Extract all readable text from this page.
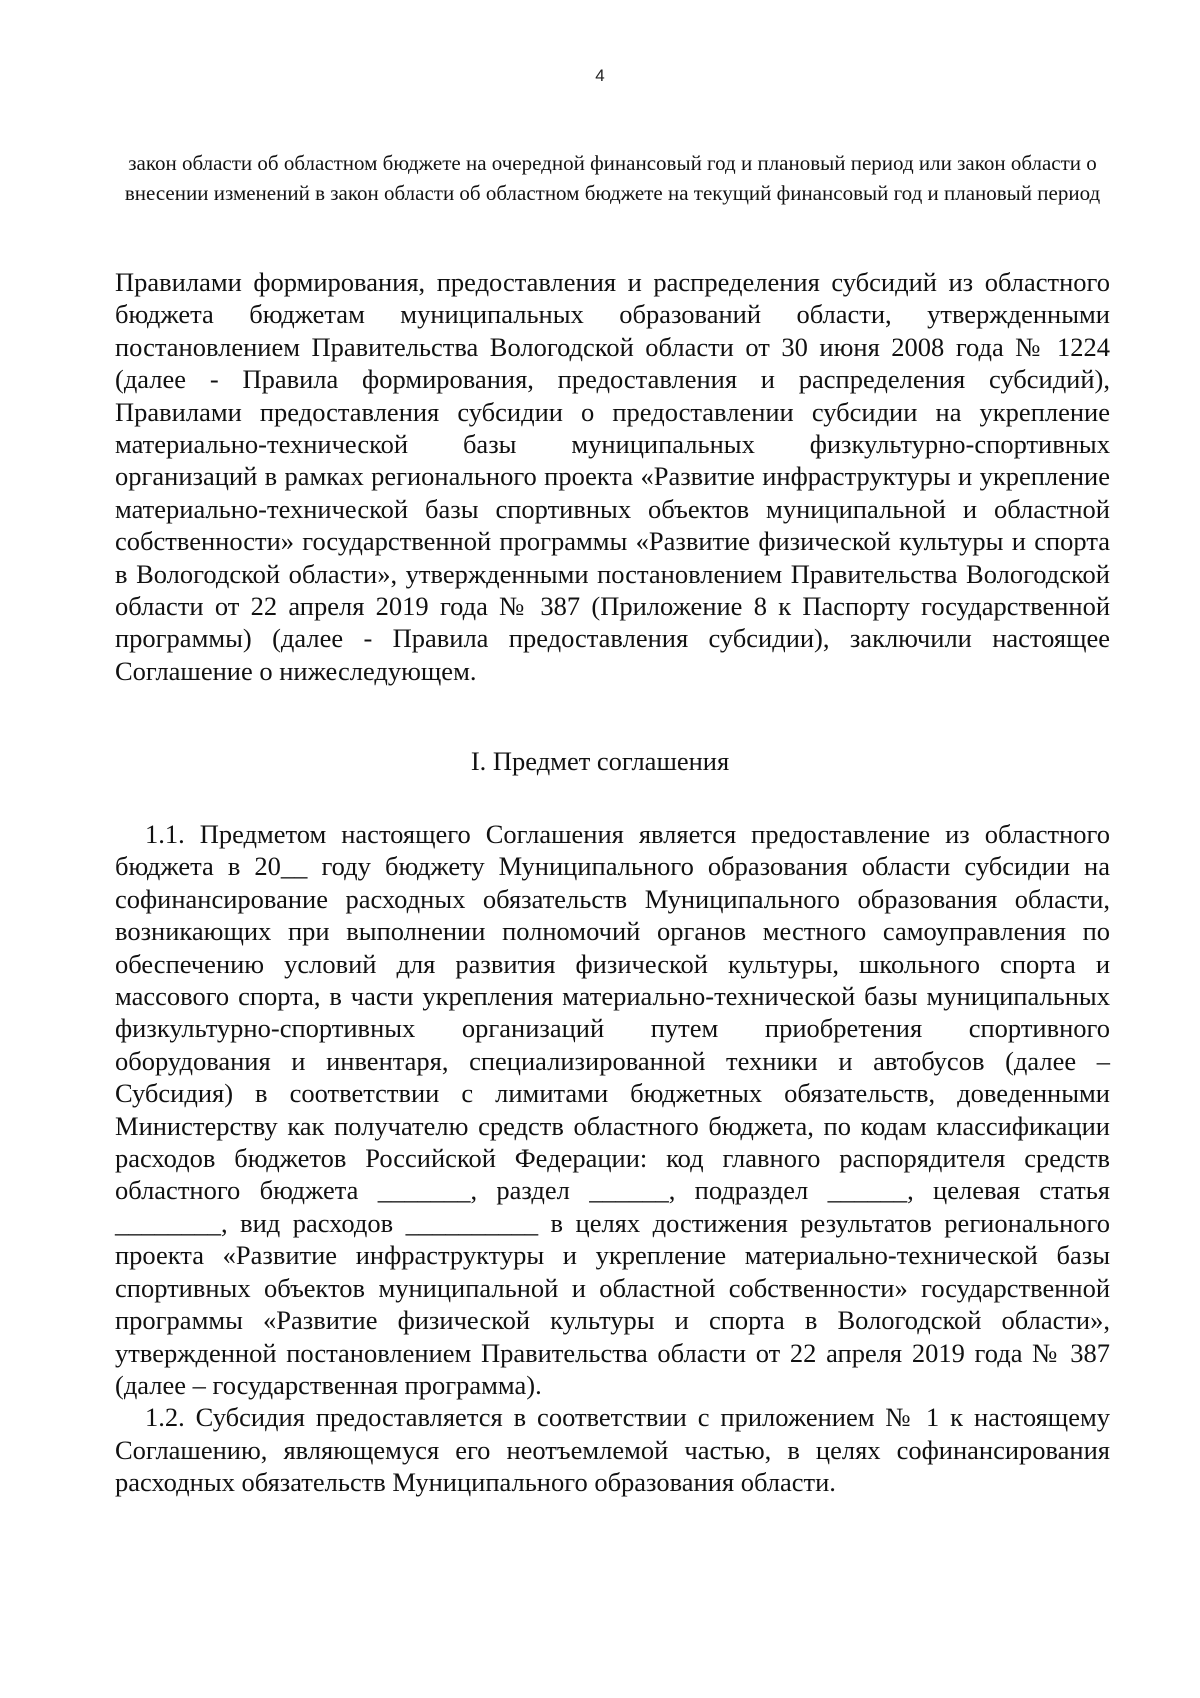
4
закон области об областном бюджете на очередной финансовый год и плановый период или закон области о внесении изменений в закон области об областном бюджете на текущий финансовый год и плановый период

Правилами формирования, предоставления и распределения субсидий из областного бюджета бюджетам муниципальных образований области, утвержденными постановлением Правительства Вологодской области от 30 июня 2008 года № 1224 (далее - Правила формирования, предоставления и распределения субсидий), Правилами предоставления субсидии о предоставлении субсидии на укрепление материально-технической базы муниципальных физкультурно-спортивных организаций в рамках регионального проекта «Развитие инфраструктуры и укрепление материально-технической базы спортивных объектов муниципальной и областной собственности» государственной программы «Развитие физической культуры и спорта в Вологодской области», утвержденными постановлением Правительства Вологодской области от 22 апреля 2019 года № 387 (Приложение 8 к Паспорту государственной программы) (далее - Правила предоставления субсидии), заключили настоящее Соглашение о нижеследующем.

I. Предмет соглашения

1.1. Предметом настоящего Соглашения является предоставление из областного бюджета в 20__ году бюджету Муниципального образования области субсидии на софинансирование расходных обязательств Муниципального образования области, возникающих при выполнении полномочий органов местного самоуправления по обеспечению условий для развития физической культуры, школьного спорта и массового спорта, в части укрепления материально-технической базы муниципальных физкультурно-спортивных организаций путем приобретения спортивного оборудования и инвентаря, специализированной техники и автобусов (далее – Субсидия) в соответствии с лимитами бюджетных обязательств, доведенными Министерству как получателю средств областного бюджета, по кодам классификации расходов бюджетов Российской Федерации: код главного распорядителя средств областного бюджета _______, раздел ______, подраздел ______, целевая статья ________, вид расходов __________ в целях достижения результатов регионального проекта «Развитие инфраструктуры и укрепление материально-технической базы спортивных объектов муниципальной и областной собственности» государственной программы «Развитие физической культуры и спорта в Вологодской области», утвержденной постановлением Правительства области от 22 апреля 2019 года № 387 (далее – государственная программа).

1.2. Субсидия предоставляется в соответствии с приложением № 1 к настоящему Соглашению, являющемуся его неотъемлемой частью, в целях софинансирования расходных обязательств Муниципального образования области.
